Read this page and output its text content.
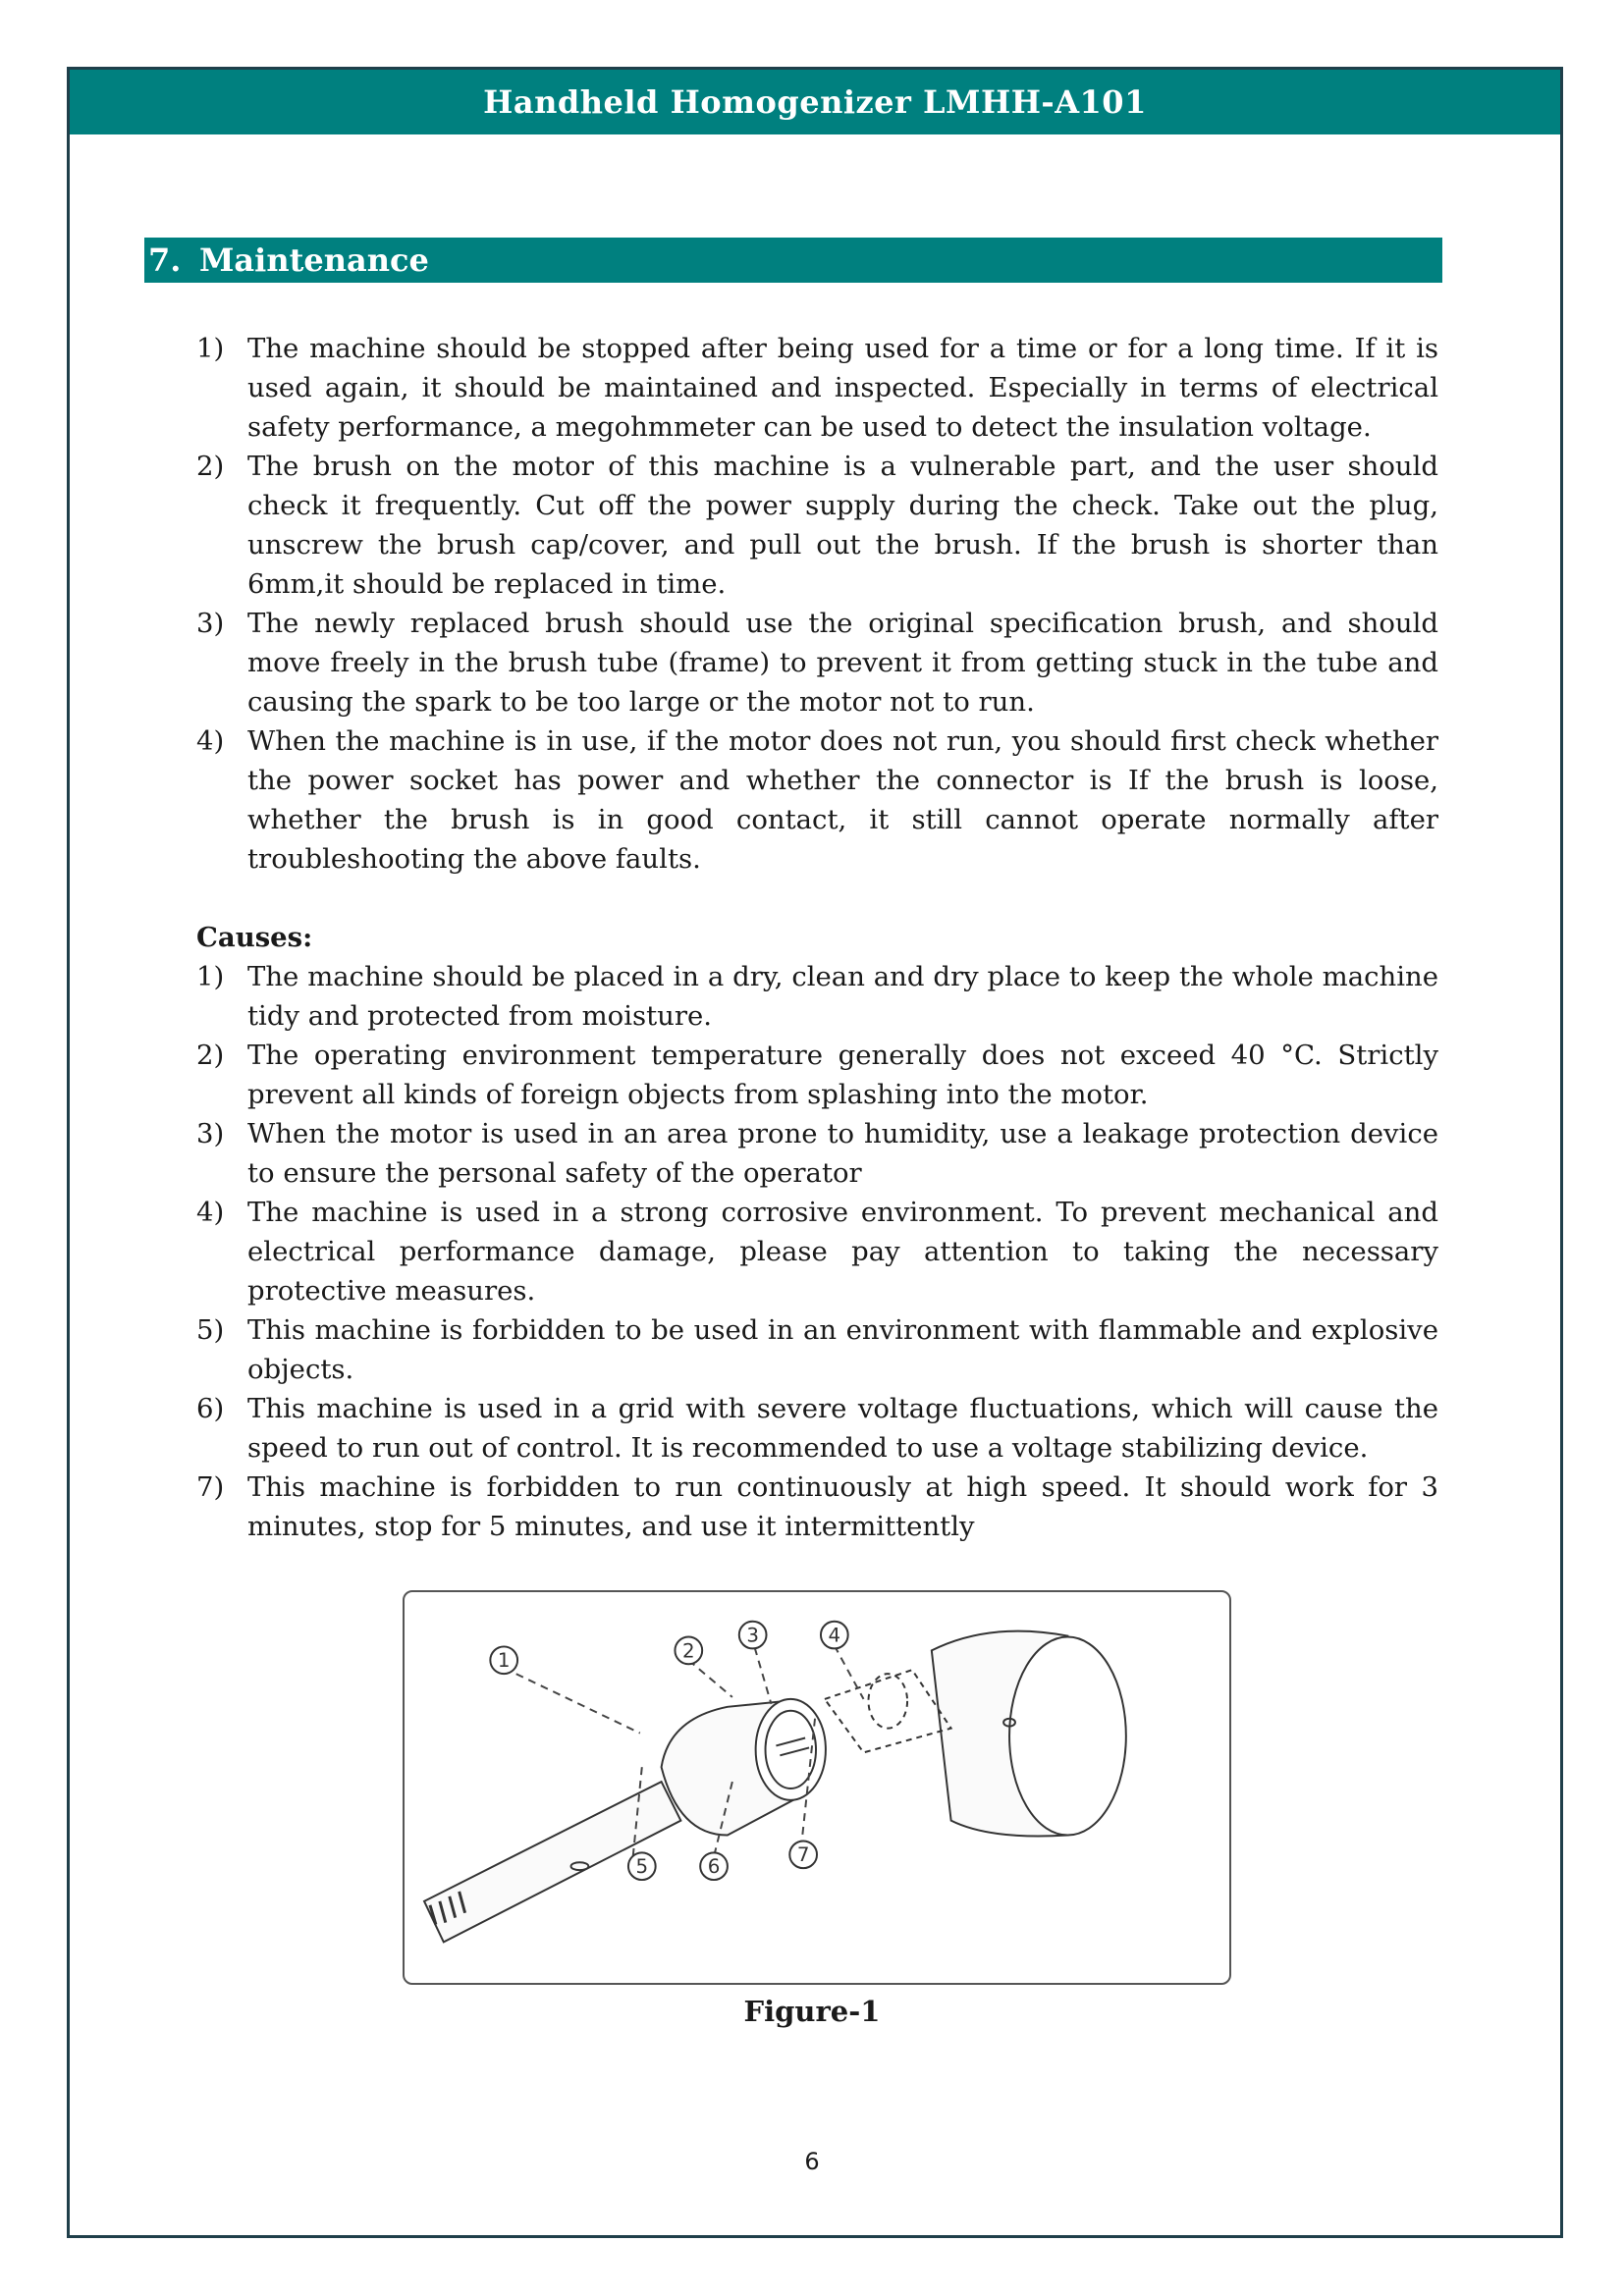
Handheld Homogenizer LMHH-A101
7. Maintenance
1) The machine should be stopped after being used for a time or for a long time. If it is used again, it should be maintained and inspected. Especially in terms of electrical safety performance, a megohmmeter can be used to detect the insulation voltage.
2) The brush on the motor of this machine is a vulnerable part, and the user should check it frequently. Cut off the power supply during the check. Take out the plug, unscrew the brush cap/cover, and pull out the brush. If the brush is shorter than 6mm,it should be replaced in time.
3) The newly replaced brush should use the original specification brush, and should move freely in the brush tube (frame) to prevent it from getting stuck in the tube and causing the spark to be too large or the motor not to run.
4) When the machine is in use, if the motor does not run, you should first check whether the power socket has power and whether the connector is If the brush is loose, whether the brush is in good contact, it still cannot operate normally after troubleshooting the above faults.
Causes:
1) The machine should be placed in a dry, clean and dry place to keep the whole machine tidy and protected from moisture.
2) The operating environment temperature generally does not exceed 40 °C. Strictly prevent all kinds of foreign objects from splashing into the motor.
3) When the motor is used in an area prone to humidity, use a leakage protection device to ensure the personal safety of the operator
4) The machine is used in a strong corrosive environment. To prevent mechanical and electrical performance damage, please pay attention to taking the necessary protective measures.
5) This machine is forbidden to be used in an environment with flammable and explosive objects.
6) This machine is used in a grid with severe voltage fluctuations, which will cause the speed to run out of control. It is recommended to use a voltage stabilizing device.
7) This machine is forbidden to run continuously at high speed. It should work for 3 minutes, stop for 5 minutes, and use it intermittently
1	2
3	4
5	6
7
Figure-1
6
